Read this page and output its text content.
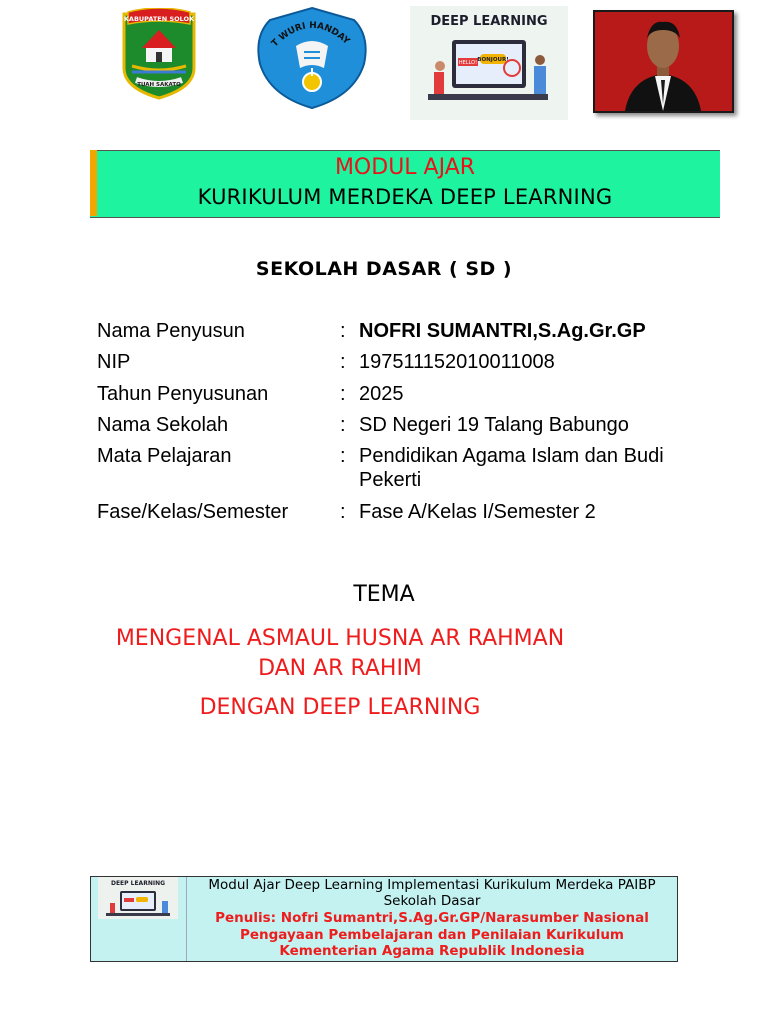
KABUPATEN SOLOK
TUAH SAKATO
T WURI HANDAY
DEEP LEARNING
HELLO! BONJOUR!
MODUL AJAR
KURIKULUM MERDEKA DEEP LEARNING
SEKOLAH DASAR ( SD )
Nama Penyusun	: NOFRI SUMANTRI,S.Ag.Gr.GP
NIP	: 197511152010011008
Tahun Penyusunan	: 2025
Nama Sekolah	: SD Negeri 19 Talang Babungo
Mata Pelajaran	: Pendidikan Agama Islam dan Budi Pekerti
Fase/Kelas/Semester	: Fase A/Kelas I/Semester 2
TEMA
MENGENAL ASMAUL HUSNA AR RAHMAN
DAN AR RAHIM
DENGAN DEEP LEARNING
DEEP LEARNING	Modul Ajar Deep Learning Implementasi Kurikulum Merdeka PAIBP
Sekolah Dasar
Penulis: Nofri Sumantri,S.Ag.Gr.GP/Narasumber Nasional
Pengayaan Pembelajaran dan Penilaian Kurikulum
Kementerian Agama Republik Indonesia
